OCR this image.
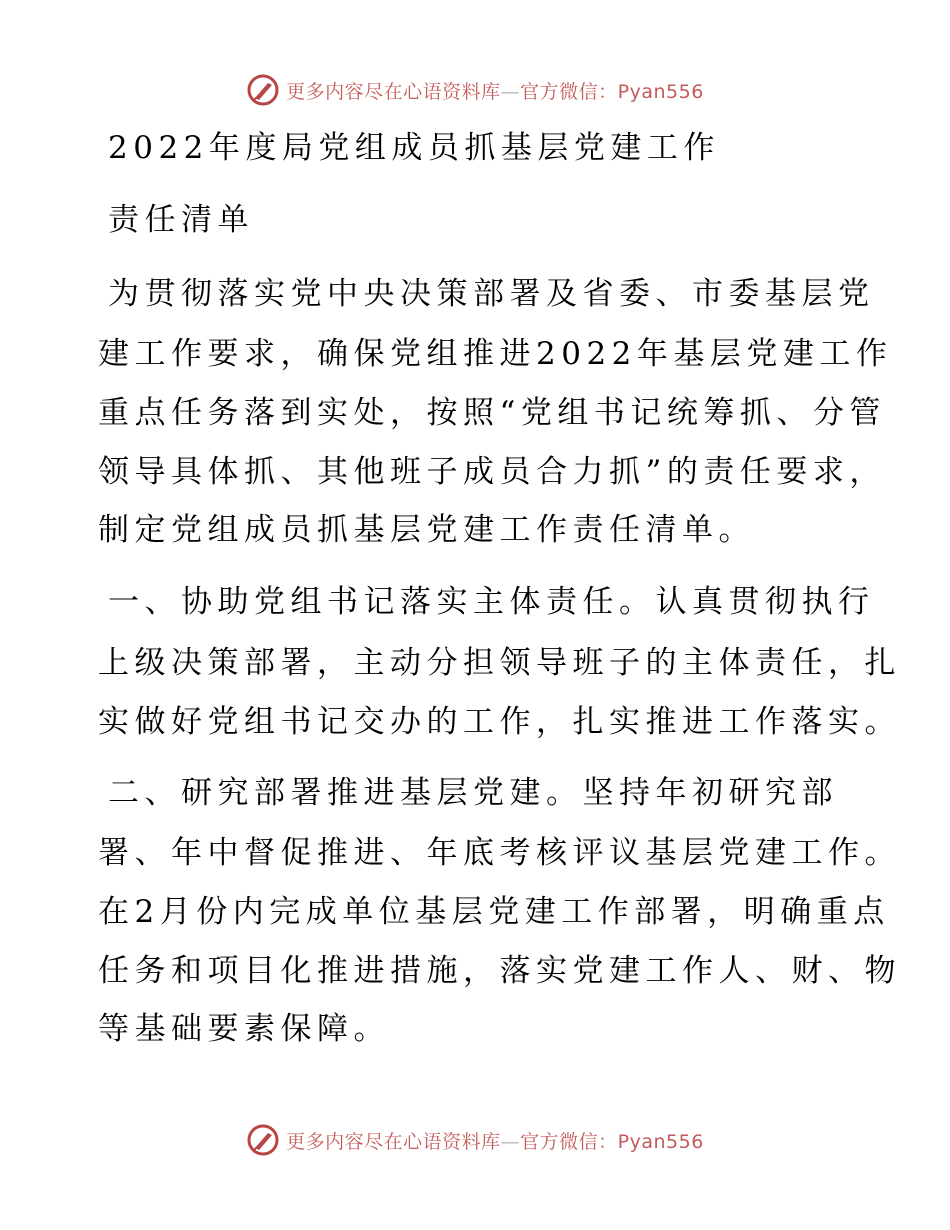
更多内容尽在心语资料库—官方微信：Pyan556
2022年度局党组成员抓基层党建工作
责任清单
为贯彻落实党中央决策部署及省委、市委基层党
建工作要求，确保党组推进2022年基层党建工作
重点任务落到实处，按照“党组书记统筹抓、分管
领导具体抓、其他班子成员合力抓”的责任要求，
制定党组成员抓基层党建工作责任清单。
一、协助党组书记落实主体责任。认真贯彻执行
上级决策部署，主动分担领导班子的主体责任，扎
实做好党组书记交办的工作，扎实推进工作落实。
二、研究部署推进基层党建。坚持年初研究部
署、年中督促推进、年底考核评议基层党建工作。
在2月份内完成单位基层党建工作部署，明确重点
任务和项目化推进措施，落实党建工作人、财、物
等基础要素保障。
更多内容尽在心语资料库—官方微信：Pyan556
